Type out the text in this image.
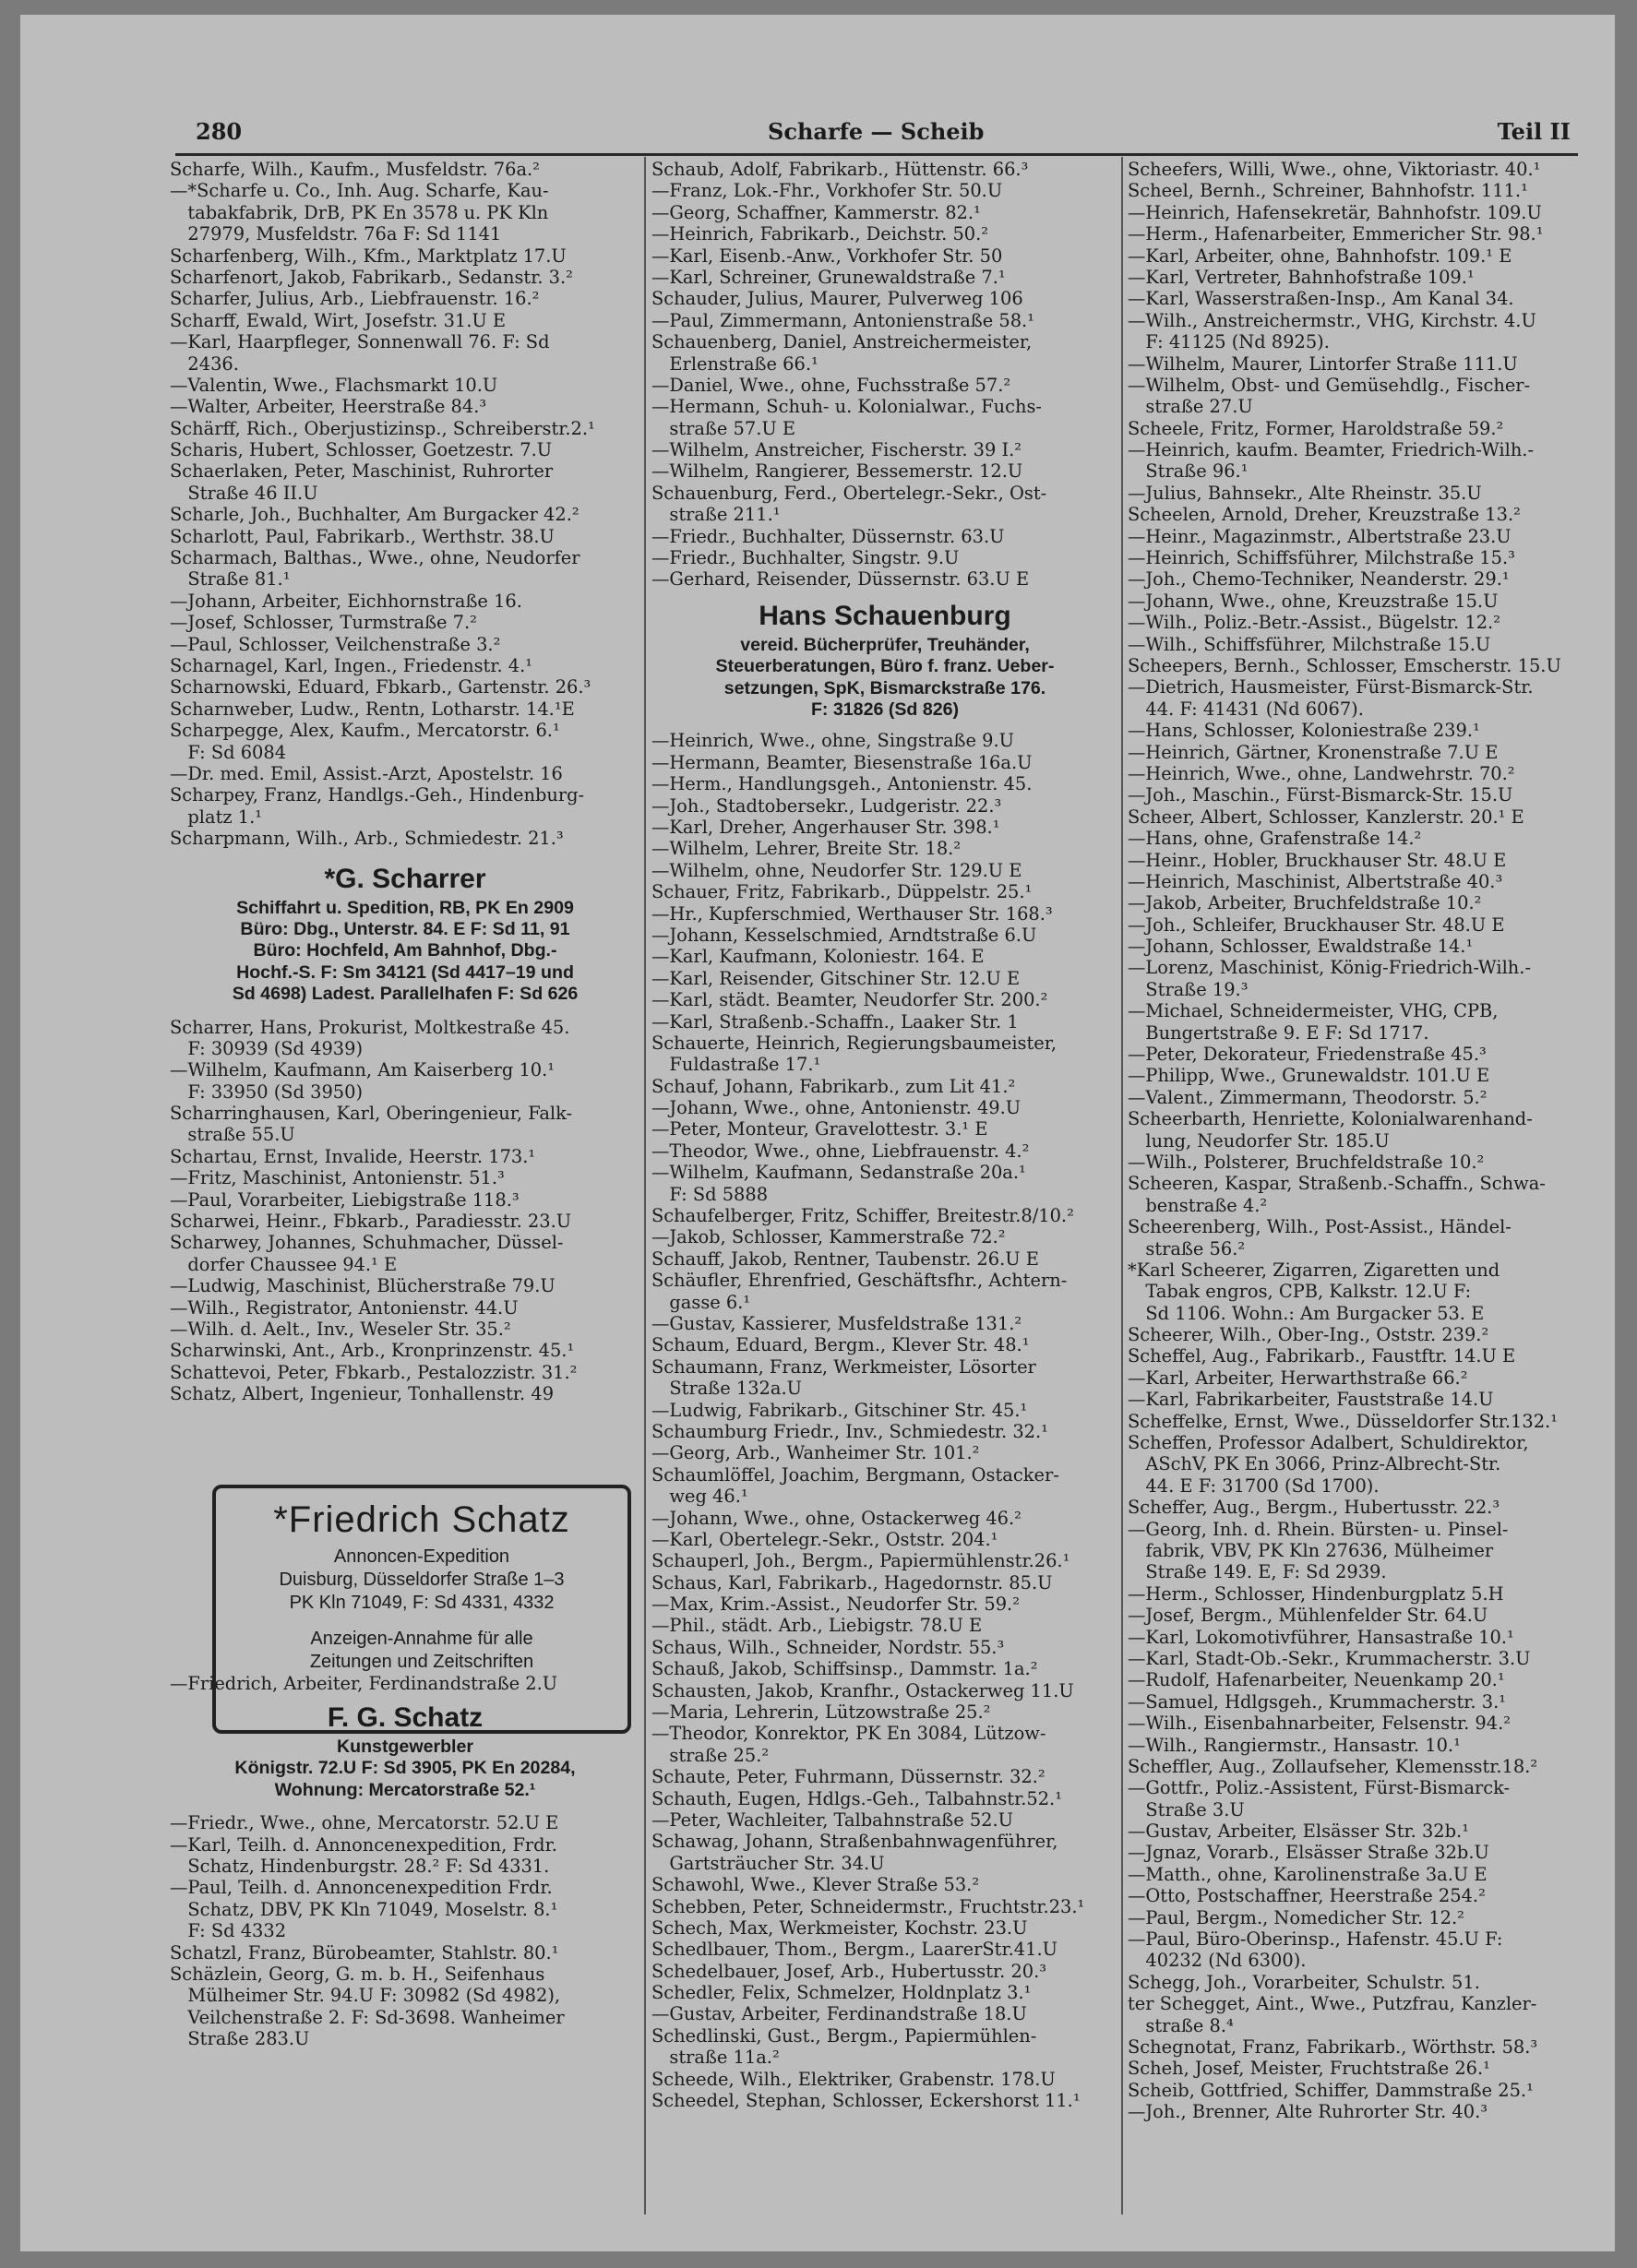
280	Scharfe — Scheib	Teil II
Scharfe, Wilh., Kaufm., Musfeldstr. 76a.²
—*Scharfe u. Co., Inh. Aug. Scharfe, Kau-
 tabakfabrik, DrB, PK En 3578 u. PK Kln
 27979, Musfeldstr. 76a F: Sd 1141
Scharfenberg, Wilh., Kfm., Marktplatz 17.U
Scharfenort, Jakob, Fabrikarb., Sedanstr. 3.²
Scharfer, Julius, Arb., Liebfrauenstr. 16.²
Scharff, Ewald, Wirt, Josefstr. 31.U E
—Karl, Haarpfleger, Sonnenwall 76. F: Sd
 2436.
—Valentin, Wwe., Flachsmarkt 10.U
—Walter, Arbeiter, Heerstraße 84.³
Schärff, Rich., Oberjustizinsp., Schreiberstr.2.¹
Scharis, Hubert, Schlosser, Goetzestr. 7.U
Schaerlaken, Peter, Maschinist, Ruhrorter
 Straße 46 II.U
Scharle, Joh., Buchhalter, Am Burgacker 42.²
Scharlott, Paul, Fabrikarb., Werthstr. 38.U
Scharmach, Balthas., Wwe., ohne, Neudorfer
 Straße 81.¹
—Johann, Arbeiter, Eichhornstraße 16.
—Josef, Schlosser, Turmstraße 7.²
—Paul, Schlosser, Veilchenstraße 3.²
Scharnagel, Karl, Ingen., Friedenstr. 4.¹
Scharnowski, Eduard, Fbkarb., Gartenstr. 26.³
Scharnweber, Ludw., Rentn, Lotharstr. 14.¹E
Scharpegge, Alex, Kaufm., Mercatorstr. 6.¹
 F: Sd 6084
—Dr. med. Emil, Assist.-Arzt, Apostelstr. 16
Scharpey, Franz, Handlgs.-Geh., Hindenburg-
 platz 1.¹
Scharpmann, Wilh., Arb., Schmiedestr. 21.³
*G. Scharrer
Schiffahrt u. Spedition, RB, PK En 2909
Büro: Dbg., Unterstr. 84. E F: Sd 11, 91
Büro: Hochfeld, Am Bahnhof, Dbg.-
Hochf.-S. F: Sm 34121 (Sd 4417–19 und
Sd 4698) Ladest. Parallelhafen F: Sd 626
Scharrer, Hans, Prokurist, Moltkestraße 45.
 F: 30939 (Sd 4939)
—Wilhelm, Kaufmann, Am Kaiserberg 10.¹
 F: 33950 (Sd 3950)
Scharringhausen, Karl, Oberingenieur, Falk-
 straße 55.U
Schartau, Ernst, Invalide, Heerstr. 173.¹
—Fritz, Maschinist, Antonienstr. 51.³
—Paul, Vorarbeiter, Liebigstraße 118.³
Scharwei, Heinr., Fbkarb., Paradiesstr. 23.U
Scharwey, Johannes, Schuhmacher, Düssel-
 dorfer Chaussee 94.¹ E
—Ludwig, Maschinist, Blücherstraße 79.U
—Wilh., Registrator, Antonienstr. 44.U
—Wilh. d. Aelt., Inv., Weseler Str. 35.²
Scharwinski, Ant., Arb., Kronprinzenstr. 45.¹
Schattevoi, Peter, Fbkarb., Pestalozzistr. 31.²
Schatz, Albert, Ingenieur, Tonhallenstr. 49
—Friedrich, Arbeiter, Ferdinandstraße 2.U
F. G. Schatz
Kunstgewerbler
Königstr. 72.U F: Sd 3905, PK En 20284,
Wohnung: Mercatorstraße 52.¹
—Friedr., Wwe., ohne, Mercatorstr. 52.U E
—Karl, Teilh. d. Annoncenexpedition, Frdr.
 Schatz, Hindenburgstr. 28.² F: Sd 4331.
—Paul, Teilh. d. Annoncenexpedition Frdr.
 Schatz, DBV, PK Kln 71049, Moselstr. 8.¹
 F: Sd 4332
Schatzl, Franz, Bürobeamter, Stahlstr. 80.¹
Schäzlein, Georg, G. m. b. H., Seifenhaus
 Mülheimer Str. 94.U F: 30982 (Sd 4982),
 Veilchenstraße 2. F: Sd-3698. Wanheimer
 Straße 283.U
Schaub, Adolf, Fabrikarb., Hüttenstr. 66.³
—Franz, Lok.-Fhr., Vorkhofer Str. 50.U
—Georg, Schaffner, Kammerstr. 82.¹
—Heinrich, Fabrikarb., Deichstr. 50.²
—Karl, Eisenb.-Anw., Vorkhofer Str. 50
—Karl, Schreiner, Grunewaldstraße 7.¹
Schauder, Julius, Maurer, Pulverweg 106
—Paul, Zimmermann, Antonienstraße 58.¹
Schauenberg, Daniel, Anstreichermeister,
 Erlenstraße 66.¹
—Daniel, Wwe., ohne, Fuchsstraße 57.²
—Hermann, Schuh- u. Kolonialwar., Fuchs-
 straße 57.U E
—Wilhelm, Anstreicher, Fischerstr. 39 I.²
—Wilhelm, Rangierer, Bessemerstr. 12.U
Schauenburg, Ferd., Obertelegr.-Sekr., Ost-
 straße 211.¹
—Friedr., Buchhalter, Düssernstr. 63.U
—Friedr., Buchhalter, Singstr. 9.U
—Gerhard, Reisender, Düssernstr. 63.U E
Hans Schauenburg
vereid. Bücherprüfer, Treuhänder,
Steuerberatungen, Büro f. franz. Ueber-
setzungen, SpK, Bismarckstraße 176.
F: 31826 (Sd 826)
—Heinrich, Wwe., ohne, Singstraße 9.U
—Hermann, Beamter, Biesenstraße 16a.U
—Herm., Handlungsgeh., Antonienstr. 45.
—Joh., Stadtobersekr., Ludgeristr. 22.³
—Karl, Dreher, Angerhauser Str. 398.¹
—Wilhelm, Lehrer, Breite Str. 18.²
—Wilhelm, ohne, Neudorfer Str. 129.U E
Schauer, Fritz, Fabrikarb., Düppelstr. 25.¹
—Hr., Kupferschmied, Werthauser Str. 168.³
—Johann, Kesselschmied, Arndtstraße 6.U
—Karl, Kaufmann, Koloniestr. 164. E
—Karl, Reisender, Gitschiner Str. 12.U E
—Karl, städt. Beamter, Neudorfer Str. 200.²
—Karl, Straßenb.-Schaffn., Laaker Str. 1
Schauerte, Heinrich, Regierungsbaumeister,
 Fuldastraße 17.¹
Schauf, Johann, Fabrikarb., zum Lit 41.²
—Johann, Wwe., ohne, Antonienstr. 49.U
—Peter, Monteur, Gravelottestr. 3.¹ E
—Theodor, Wwe., ohne, Liebfrauenstr. 4.²
—Wilhelm, Kaufmann, Sedanstraße 20a.¹
 F: Sd 5888
Schaufelberger, Fritz, Schiffer, Breitestr.8/10.²
—Jakob, Schlosser, Kammerstraße 72.²
Schauff, Jakob, Rentner, Taubenstr. 26.U E
Schäufler, Ehrenfried, Geschäftsfhr., Achtern-
 gasse 6.¹
—Gustav, Kassierer, Musfeldstraße 131.²
Schaum, Eduard, Bergm., Klever Str. 48.¹
Schaumann, Franz, Werkmeister, Lösorter
 Straße 132a.U
—Ludwig, Fabrikarb., Gitschiner Str. 45.¹
Schaumburg Friedr., Inv., Schmiedestr. 32.¹
—Georg, Arb., Wanheimer Str. 101.²
Schaumlöffel, Joachim, Bergmann, Ostacker-
 weg 46.¹
—Johann, Wwe., ohne, Ostackerweg 46.²
—Karl, Obertelegr.-Sekr., Oststr. 204.¹
Schauperl, Joh., Bergm., Papiermühlenstr.26.¹
Schaus, Karl, Fabrikarb., Hagedornstr. 85.U
—Max, Krim.-Assist., Neudorfer Str. 59.²
—Phil., städt. Arb., Liebigstr. 78.U E
Schaus, Wilh., Schneider, Nordstr. 55.³
Schauß, Jakob, Schiffsinsp., Dammstr. 1a.²
Schausten, Jakob, Kranfhr., Ostackerweg 11.U
—Maria, Lehrerin, Lützowstraße 25.²
—Theodor, Konrektor, PK En 3084, Lützow-
 straße 25.²
Schaute, Peter, Fuhrmann, Düssernstr. 32.²
Schauth, Eugen, Hdlgs.-Geh., Talbahnstr.52.¹
—Peter, Wachleiter, Talbahnstraße 52.U
Schawag, Johann, Straßenbahnwagenführer,
 Gartsträucher Str. 34.U
Schawohl, Wwe., Klever Straße 53.²
Schebben, Peter, Schneidermstr., Fruchtstr.23.¹
Schech, Max, Werkmeister, Kochstr. 23.U
Schedlbauer, Thom., Bergm., LaarerStr.41.U
Schedelbauer, Josef, Arb., Hubertusstr. 20.³
Schedler, Felix, Schmelzer, Holdnplatz 3.¹
—Gustav, Arbeiter, Ferdinandstraße 18.U
Schedlinski, Gust., Bergm., Papiermühlen-
 straße 11a.²
Scheede, Wilh., Elektriker, Grabenstr. 178.U
Scheedel, Stephan, Schlosser, Eckershorst 11.¹
Scheefers, Willi, Wwe., ohne, Viktoriastr. 40.¹
Scheel, Bernh., Schreiner, Bahnhofstr. 111.¹
—Heinrich, Hafensekretär, Bahnhofstr. 109.U
—Herm., Hafenarbeiter, Emmericher Str. 98.¹
—Karl, Arbeiter, ohne, Bahnhofstr. 109.¹ E
—Karl, Vertreter, Bahnhofstraße 109.¹
—Karl, Wasserstraßen-Insp., Am Kanal 34.
—Wilh., Anstreichermstr., VHG, Kirchstr. 4.U
 F: 41125 (Nd 8925).
—Wilhelm, Maurer, Lintorfer Straße 111.U
—Wilhelm, Obst- und Gemüsehdlg., Fischer-
 straße 27.U
Scheele, Fritz, Former, Haroldstraße 59.²
—Heinrich, kaufm. Beamter, Friedrich-Wilh.-
 Straße 96.¹
—Julius, Bahnsekr., Alte Rheinstr. 35.U
Scheelen, Arnold, Dreher, Kreuzstraße 13.²
—Heinr., Magazinmstr., Albertstraße 23.U
—Heinrich, Schiffsführer, Milchstraße 15.³
—Joh., Chemo-Techniker, Neanderstr. 29.¹
—Johann, Wwe., ohne, Kreuzstraße 15.U
—Wilh., Poliz.-Betr.-Assist., Bügelstr. 12.²
—Wilh., Schiffsführer, Milchstraße 15.U
Scheepers, Bernh., Schlosser, Emscherstr. 15.U
—Dietrich, Hausmeister, Fürst-Bismarck-Str.
 44. F: 41431 (Nd 6067).
—Hans, Schlosser, Koloniestraße 239.¹
—Heinrich, Gärtner, Kronenstraße 7.U E
—Heinrich, Wwe., ohne, Landwehrstr. 70.²
—Joh., Maschin., Fürst-Bismarck-Str. 15.U
Scheer, Albert, Schlosser, Kanzlerstr. 20.¹ E
—Hans, ohne, Grafenstraße 14.²
—Heinr., Hobler, Bruckhauser Str. 48.U E
—Heinrich, Maschinist, Albertstraße 40.³
—Jakob, Arbeiter, Bruchfeldstraße 10.²
—Joh., Schleifer, Bruckhauser Str. 48.U E
—Johann, Schlosser, Ewaldstraße 14.¹
—Lorenz, Maschinist, König-Friedrich-Wilh.-
 Straße 19.³
—Michael, Schneidermeister, VHG, CPB,
 Bungertstraße 9. E F: Sd 1717.
—Peter, Dekorateur, Friedenstraße 45.³
—Philipp, Wwe., Grunewaldstr. 101.U E
—Valent., Zimmermann, Theodorstr. 5.²
Scheerbarth, Henriette, Kolonialwarenhand-
 lung, Neudorfer Str. 185.U
—Wilh., Polsterer, Bruchfeldstraße 10.²
Scheeren, Kaspar, Straßenb.-Schaffn., Schwa-
 benstraße 4.²
Scheerenberg, Wilh., Post-Assist., Händel-
 straße 56.²
*Karl Scheerer, Zigarren, Zigaretten und
 Tabak engros, CPB, Kalkstr. 12.U F:
 Sd 1106. Wohn.: Am Burgacker 53. E
Scheerer, Wilh., Ober-Ing., Oststr. 239.²
Scheffel, Aug., Fabrikarb., Faustftr. 14.U E
—Karl, Arbeiter, Herwarthstraße 66.²
—Karl, Fabrikarbeiter, Fauststraße 14.U
Scheffelke, Ernst, Wwe., Düsseldorfer Str.132.¹
Scheffen, Professor Adalbert, Schuldirektor,
 ASchV, PK En 3066, Prinz-Albrecht-Str.
 44. E F: 31700 (Sd 1700).
Scheffer, Aug., Bergm., Hubertusstr. 22.³
—Georg, Inh. d. Rhein. Bürsten- u. Pinsel-
 fabrik, VBV, PK Kln 27636, Mülheimer
 Straße 149. E, F: Sd 2939.
—Herm., Schlosser, Hindenburgplatz 5.H
—Josef, Bergm., Mühlenfelder Str. 64.U
—Karl, Lokomotivführer, Hansastraße 10.¹
—Karl, Stadt-Ob.-Sekr., Krummacherstr. 3.U
—Rudolf, Hafenarbeiter, Neuenkamp 20.¹
—Samuel, Hdlgsgeh., Krummacherstr. 3.¹
—Wilh., Eisenbahnarbeiter, Felsenstr. 94.²
—Wilh., Rangiermstr., Hansastr. 10.¹
Scheffler, Aug., Zollaufseher, Klemensstr.18.²
—Gottfr., Poliz.-Assistent, Fürst-Bismarck-
 Straße 3.U
—Gustav, Arbeiter, Elsässer Str. 32b.¹
—Jgnaz, Vorarb., Elsässer Straße 32b.U
—Matth., ohne, Karolinenstraße 3a.U E
—Otto, Postschaffner, Heerstraße 254.²
—Paul, Bergm., Nomedicher Str. 12.²
—Paul, Büro-Oberinsp., Hafenstr. 45.U F:
 40232 (Nd 6300).
Schegg, Joh., Vorarbeiter, Schulstr. 51.
ter Schegget, Aint., Wwe., Putzfrau, Kanzler-
 straße 8.⁴
Schegnotat, Franz, Fabrikarb., Wörthstr. 58.³
Scheh, Josef, Meister, Fruchtstraße 26.¹
Scheib, Gottfried, Schiffer, Dammstraße 25.¹
—Joh., Brenner, Alte Ruhrorter Str. 40.³
*Friedrich Schatz
Annoncen-Expedition
Duisburg, Düsseldorfer Straße 1–3
PK Kln 71049, F: Sd 4331, 4332
Anzeigen-Annahme für alle
Zeitungen und Zeitschriften
